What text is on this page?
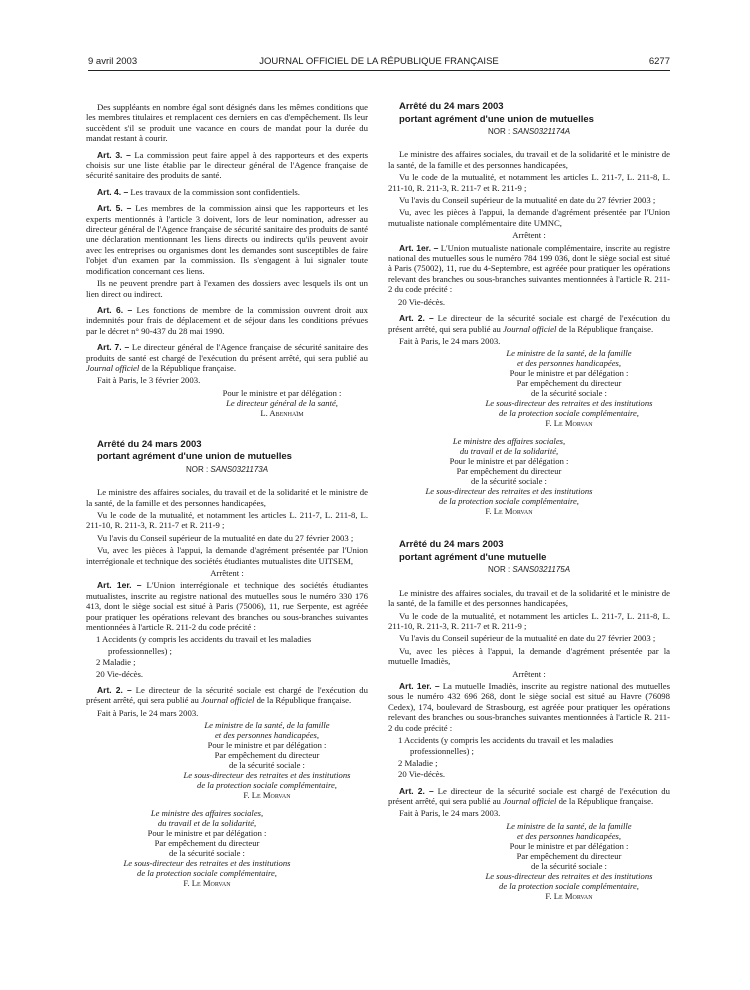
9 avril 2003	JOURNAL OFFICIEL DE LA RÉPUBLIQUE FRANÇAISE	6277

Des suppléants en nombre égal sont désignés dans les mêmes conditions que les membres titulaires et remplacent ces derniers en cas d'empêchement. Ils leur succèdent s'il se produit une vacance en cours de mandat pour la durée du mandat restant à courir.

Art. 3. – La commission peut faire appel à des rapporteurs et des experts choisis sur une liste établie par le directeur général de l'Agence française de sécurité sanitaire des produits de santé.

Art. 4. – Les travaux de la commission sont confidentiels.

Art. 5. – Les membres de la commission ainsi que les rapporteurs et les experts mentionnés à l'article 3 doivent, lors de leur nomination, adresser au directeur général de l'Agence française de sécurité sanitaire des produits de santé une déclaration mentionnant les liens directs ou indirects qu'ils peuvent avoir avec les entreprises ou organismes dont les demandes sont susceptibles de faire l'objet d'un examen par la commission. Ils s'engagent à lui signaler toute modification concernant ces liens.

Ils ne peuvent prendre part à l'examen des dossiers avec lesquels ils ont un lien direct ou indirect.

Art. 6. – Les fonctions de membre de la commission ouvrent droit aux indemnités pour frais de déplacement et de séjour dans les conditions prévues par le décret n° 90-437 du 28 mai 1990.

Art. 7. – Le directeur général de l'Agence française de sécurité sanitaire des produits de santé est chargé de l'exécution du présent arrêté, qui sera publié au Journal officiel de la République française.

Fait à Paris, le 3 février 2003.

Pour le ministre et par délégation :
Le directeur général de la santé,
L. Abenhaïm

Arrêté du 24 mars 2003

portant agrément d'une union de mutuelles

NOR : SANS0321173A

Le ministre des affaires sociales, du travail et de la solidarité et le ministre de la santé, de la famille et des personnes handicapées,

Vu le code de la mutualité, et notamment les articles L. 211-7, L. 211-8, L. 211-10, R. 211-3, R. 211-7 et R. 211-9 ;

Vu l'avis du Conseil supérieur de la mutualité en date du 27 février 2003 ;

Vu, avec les pièces à l'appui, la demande d'agrément présentée par l'Union interrégionale et technique des sociétés étudiantes mutualistes dite UITSEM,

Arrêtent :

Art. 1er. – L'Union interrégionale et technique des sociétés étudiantes mutualistes, inscrite au registre national des mutuelles sous le numéro 330 176 413, dont le siège social est situé à Paris (75006), 11, rue Serpente, est agréée pour pratiquer les opérations relevant des branches ou sous-branches suivantes mentionnées à l'article R. 211-2 du code précité :

1 Accidents (y compris les accidents du travail et les maladies

professionnelles) ;

2 Maladie ;

20 Vie-décès.

Art. 2. – Le directeur de la sécurité sociale est chargé de l'exécution du présent arrêté, qui sera publié au Journal officiel de la République française.

Fait à Paris, le 24 mars 2003.

Le ministre de la santé, de la famille
et des personnes handicapées,
Pour le ministre et par délégation :
Par empêchement du directeur
de la sécurité sociale :
Le sous-directeur des retraites et des institutions
de la protection sociale complémentaire,
F. Le Morvan
Le ministre des affaires sociales,
du travail et de la solidarité,
Pour le ministre et par délégation :
Par empêchement du directeur
de la sécurité sociale :
Le sous-directeur des retraites et des institutions
de la protection sociale complémentaire,
F. Le Morvan

Arrêté du 24 mars 2003

portant agrément d'une union de mutuelles

NOR : SANS0321174A

Le ministre des affaires sociales, du travail et de la solidarité et le ministre de la santé, de la famille et des personnes handicapées,

Vu le code de la mutualité, et notamment les articles L. 211-7, L. 211-8, L. 211-10, R. 211-3, R. 211-7 et R. 211-9 ;

Vu l'avis du Conseil supérieur de la mutualité en date du 27 février 2003 ;

Vu, avec les pièces à l'appui, la demande d'agrément présentée par l'Union mutualiste nationale complémentaire dite UMNC,

Arrêtent :

Art. 1er. – L'Union mutualiste nationale complémentaire, inscrite au registre national des mutuelles sous le numéro 784 199 036, dont le siège social est situé à Paris (75002), 11, rue du 4-Septembre, est agréée pour pratiquer les opérations relevant des branches ou sous-branches suivantes mentionnées à l'article R. 211-2 du code précité :

20 Vie-décès.

Art. 2. – Le directeur de la sécurité sociale est chargé de l'exécution du présent arrêté, qui sera publié au Journal officiel de la République française.

Fait à Paris, le 24 mars 2003.

Le ministre de la santé, de la famille
et des personnes handicapées,
Pour le ministre et par délégation :
Par empêchement du directeur
de la sécurité sociale :
Le sous-directeur des retraites et des institutions
de la protection sociale complémentaire,
F. Le Morvan
Le ministre des affaires sociales,
du travail et de la solidarité,
Pour le ministre et par délégation :
Par empêchement du directeur
de la sécurité sociale :
Le sous-directeur des retraites et des institutions
de la protection sociale complémentaire,
F. Le Morvan

Arrêté du 24 mars 2003

portant agrément d'une mutuelle

NOR : SANS0321175A

Le ministre des affaires sociales, du travail et de la solidarité et le ministre de la santé, de la famille et des personnes handicapées,

Vu le code de la mutualité, et notamment les articles L. 211-7, L. 211-8, L. 211-10, R. 211-3, R. 211-7 et R. 211-9 ;

Vu l'avis du Conseil supérieur de la mutualité en date du 27 février 2003 ;

Vu, avec les pièces à l'appui, la demande d'agrément présentée par la mutuelle Imadiès,

Arrêtent :

Art. 1er. – La mutuelle Imadiès, inscrite au registre national des mutuelles sous le numéro 432 696 268, dont le siège social est situé au Havre (76098 Cedex), 174, boulevard de Strasbourg, est agréée pour pratiquer les opérations relevant des branches ou sous-branches suivantes mentionnées à l'article R. 211-2 du code précité :

1 Accidents (y compris les accidents du travail et les maladies

professionnelles) ;

2 Maladie ;

20 Vie-décès.

Art. 2. – Le directeur de la sécurité sociale est chargé de l'exécution du présent arrêté, qui sera publié au Journal officiel de la République française.

Fait à Paris, le 24 mars 2003.

Le ministre de la santé, de la famille
et des personnes handicapées,
Pour le ministre et par délégation :
Par empêchement du directeur
de la sécurité sociale :
Le sous-directeur des retraites et des institutions
de la protection sociale complémentaire,
F. Le Morvan
